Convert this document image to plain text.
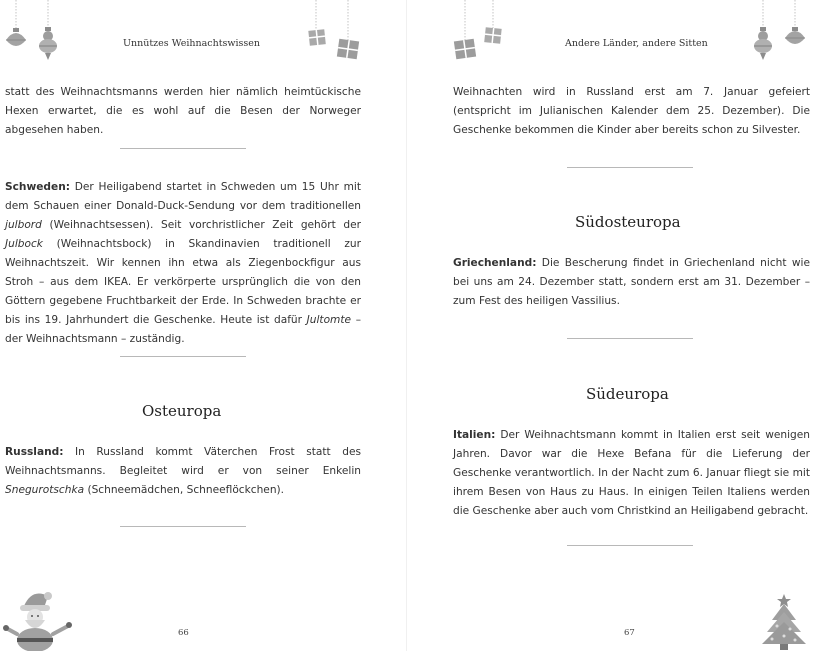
Unnützes Weihnachtswissen

statt des Weihnachtsmanns werden hier nämlich heimtückische Hexen erwartet, die es wohl auf die Besen der Norweger abgesehen haben.

Schweden: Der Heiligabend startet in Schweden um 15 Uhr mit dem Schauen einer Donald-Duck-Sendung vor dem traditionellen julbord (Weihnachtsessen). Seit vorchristlicher Zeit gehört der Julbock (Weihnachtsbock) in Skandinavien traditionell zur Weihnachtszeit. Wir kennen ihn etwa als Ziegenbockfigur aus Stroh – aus dem IKEA. Er verkörperte ursprünglich die von den Göttern gegebene Fruchtbarkeit der Erde. In Schweden brachte er bis ins 19. Jahrhundert die Geschenke. Heute ist dafür Jultomte – der Weihnachtsmann – zuständig.

Osteuropa

Russland: In Russland kommt Väterchen Frost statt des Weihnachtsmanns. Begleitet wird er von seiner Enkelin Snegurotschka (Schneemädchen, Schneeflöckchen).

66
Andere Länder, andere Sitten

Weihnachten wird in Russland erst am 7. Januar gefeiert (entspricht im Julianischen Kalender dem 25. Dezember). Die Geschenke bekommen die Kinder aber bereits schon zu Silvester.

Südosteuropa

Griechenland: Die Bescherung findet in Griechenland nicht wie bei uns am 24. Dezember statt, sondern erst am 31. Dezember – zum Fest des heiligen Vassilius.

Südeuropa

Italien: Der Weihnachtsmann kommt in Italien erst seit wenigen Jahren. Davor war die Hexe Befana für die Lieferung der Geschenke verantwortlich. In der Nacht zum 6. Januar fliegt sie mit ihrem Besen von Haus zu Haus. In einigen Teilen Italiens werden die Geschenke aber auch vom Christkind an Heiligabend gebracht.

67
